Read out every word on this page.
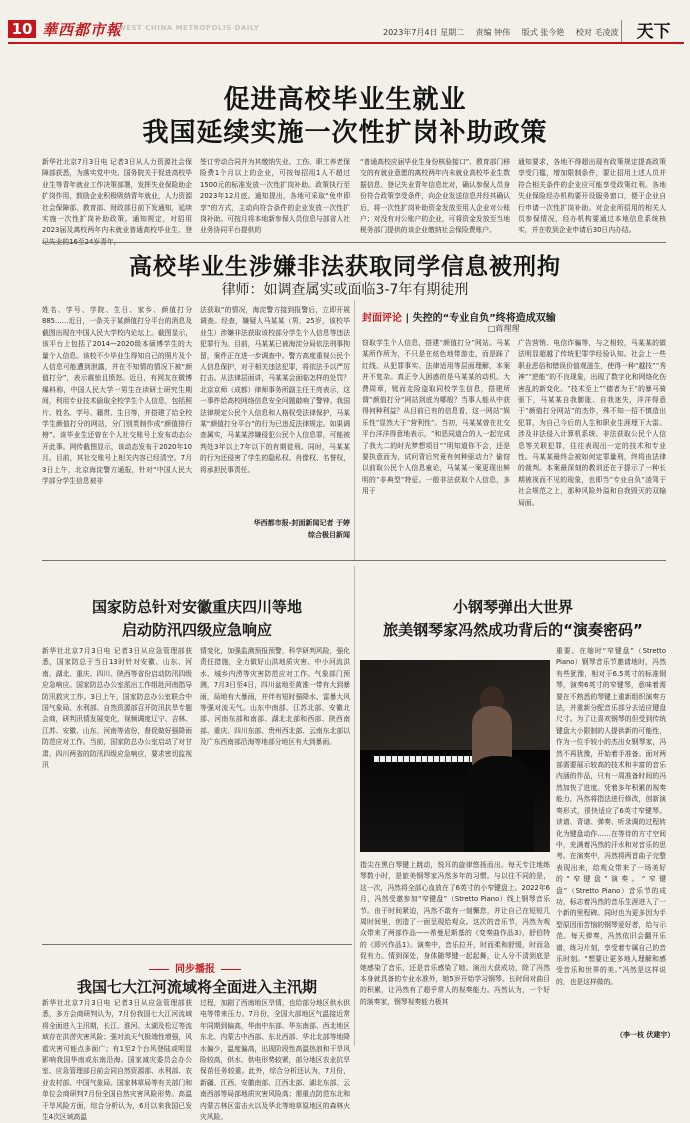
10 華西都市報
WEST CHINA METROPOLIS DAILY	2023年7月4日 星期二 责编 钟伟 版式 张今艳 校对 毛凌波	天下
促进高校毕业生就业
我国延续实施一次性扩岗补助政策
新华社北京7月3日电 记者3日从人力资源社会保障部获悉，为落实党中央、国务院关于促进高校毕业生等青年就业工作决策部署，发挥失业保险助企扩岗作用，鼓励企业积极吸纳青年就业，人力资源社会保障部、教育部、财政部日前下发通知，延续实施一次性扩岗补助政策。通知规定，对招用2023届及离校两年内未就业普通高校毕业生、登
签订劳动合同并为其缴纳失业、工伤、职工养老保险费1个月以上的企业，可按每招用1人不超过1500元的标准发放一次性扩岗补助。政策执行至2023年12月底。通知提出，各地可采取“免申即享”的方式，主动向符合条件的企业发放一次性扩岗补助。可按月将本地新参保人员信息与部省人社业务协同平台提供的
“普通高校应届毕业生身份核验接口”、教育部门移交的有就业意愿的离校两年内未就业高校毕业生数据信息、登记失业青年信息比对，确认参保人员身份符合政策享受条件，向企业发送信息并经其确认后，将一次性扩岗补助资金发放至用人企业对公账户；对没有对公账户的企业，可将资金发放至当地税务部门提供的该企业缴纳社会保险费账户。
通知要求，各地不得超出现有政策规定提高政策享受门槛，增加限制条件，要让招用上述人员并符合相关条件的企业应可能享受政策红利。各地失业保险经办机构要开设服务窗口，便于企业自行申请一次性扩岗补助。对企业所招用的相关人员参保情况，经办机构要通过本地信息系统核实，并在收到企业申请后30日内办结。
高校毕业生涉嫌非法获取同学信息被刑拘
律师：如调查属实或面临3-7年有期徒刑
姓名、学号、学院、生日、家乡、颜值打分885……近日，一条关于某颜值打分平台的消息及截图出现在中国人民大学校内论坛上。截图显示，该平台上包括了2014—2020级本硕博学生的大量个人信息。该校不少毕业生得知自己的照片及个人信息可能遭到泄露，并在不知情的情况下被“颜值打分”，表示震惊且愤怒。近日，有网友在微博爆料称，中国人民大学一男生在读研士研究生期间，利用专业技术偷取全校学生个人信息，包括照片、姓名、学号、籍贯、生日等，并搭建了给全校学生颜值打分的网站，分门别类制作成“颜值排行榜”。该毕业生还曾在个人社交账号上发布动态公开此事。网传截图显示，该动态发布于2020年10月。目前，其社交账号上相关内容已经清空。7月3日上午，北京海淀警方通报，针对“中国人民大学部分学生信息被非
法获取”的情况，海淀警方接到报警后，立即开展调查。经查，嫌疑人马某某（男，25岁，该校毕业生）涉嫌非法获取该校部分学生个人信息等违法犯罪行为。目前，马某某已被海淀分局依法刑事拘留，案件正在进一步调查中。警方高度重视公民个人信息保护，对于相关违法犯罪，将依法予以严厉打击。从法律层面讲，马某某会面临怎样的处罚？北京京师（成都）律师事务所副主任王亮表示，这一事件给高校网络信息安全问题敲响了警钟。我国法律规定公民个人信息和人格权受法律保护，马某某“颜值打分平台”的行为已违反法律规定。如果调查属实，马某某涉嫌侵犯公民个人信息罪，可能被判处3年以上7年以下的有期徒刑。同时，马某某的行为还侵害了学生的隐私权、肖像权、名誉权，将承担民事责任。
华西都市报-封面新闻记者 于婷
综合极目新闻
封面评论 | 失控的“专业自负”终将造成双输
□蒋理理
窃取学生个人信息，搭建“颜值打分”网站。马某某所作所为，不只是在炫色地带游走，而是踩了红线。从犯罪事实、法律适用等层面理解，本案并不复杂。真正令人困惑的是马某某的动机。大费周章，铤而走险盗取同校学生信息，搭建所谓“颜值打分”网站到底为哪般？当事人能从中获得何种利益？从目前已有的信息看，这一网站“娱乐性”显然大于“营利性”。当初，马某某曾在社交平台洋洋得意地表示，“和恶同道合的人一起完成了我大二的时光梦想项目”“明知道你不会，还是要执意而为，试问背后究竟有何种驱动力？偷窃以前取公民个人信息童论，马某某一案更现出鲜明的“非典型”特征。一般非法获取个人信息，多用于
广告营销、电信诈骗等，与之相较，马某某的做法明显超越了传统犯罪学经验认知。社会上一些职业恶俗和错误价值观滋生，使得一种“越技”“秀神”“逆能”的不良现象，出现了数字化和网络化伤害乱的新变化。“技术至上”“德者为王”的暴马骑驱下，马某某自我膨胀、自我迷失，洋洋得意于“颜值打分网站”的杰作，殊不知一招不慎造出犯罪，为自己今后的人生和职业生涯埋下大雷。涉及非法侵入计算机系统、非法获取公民个人信息等关联犯罪，往往表现出一定的技术和专业性。马某某最终会被如何定罪量刑，终将由法律的裁判。本案最深刻的教训还在于提示了一种长期被视而不见的现象，也即当“专业自负”凌驾于社会规范之上，那种风险外溢和自我毁灭的双输局面。
国家防总针对安徽重庆四川等地
启动防汛四级应急响应
新华社北京7月3日电 记者3日从应急管理部获悉，国家防总于当日13时针对安徽、山东、河南、湖北、重庆、四川、陕西等省份启动防汛四级应急响应。国家防总办公室派出工作组赴河南指导防汛救灾工作。3日上午，国家防总办公室联合中国气象局、水利部、自然资源部召开防汛抗旱专题会商，研判汛情发展变化，视频调度辽宁、吉林、江苏、安徽、山东、河南等省份，督促做好强降雨防范应对工作。当前，国家防总办公室启动了对甘肃、四川两省的防汛四级应急响应，要求密切监视汛
情变化，加强监测预报预警，科学研判风险，强化责任措施，全力做好山洪地质灾害、中小河流洪水、城乡内涝等灾害防范应对工作。气象部门预测，7月3日至4日，四川盆地至黄淮一带有大到暴雨，局地有大暴雨，并伴有短时强降水、雷暴大风等强对流天气。山东中南部、江苏北部、安徽北部、河南东部和南部、湖北北部和西部、陕西南部、重庆、四川东部、贵州西北部、云南东北部以及广东西南部沿海等地部分地区有大到暴雨。
同步播报
我国七大江河流域将全面进入主汛期
新华社北京7月3日电 记者3日从应急管理部获悉，多方会商研判认为，7月份我国七大江河流域将全面进入主汛期，长江、淮河、太湖及松辽等流域存在洪涝灾害风险；强对流天气极端性增强，风雹灾害可能点多面广；有1至2个台风登陆或明显影响我国华南或东南沿海。国家减灾委员会办公室、应急管理部日前会同自然资源部、水利部、农业农村部、中国气象局、国家林草局等有关部门和单位会商研判7月份全国自然灾害风险形势。高温干旱风险方面，综合分析认为，6月以来我国已发生4次区域高温
过程，加剧了西南地区旱情，也给部分地区供水供电等带来压力。7月份，全国大部地区气温接近常年同期到偏高，华南中东部、华东南部、西北地区东北、内蒙古中西部、东北西部、华北北部等地降水偏少，温度偏高，出现阶段性高温热浪和干旱风险较高，供水、供电形势较紧，部分地区农业抗旱保苗任务较重。此外，综合分析还认为，7月份，新疆、江西、安徽南部、江西北部、湖北东部、云南西部等局部地质灾害风险高；需重点防范东北和内蒙古林区雷击火以及华北等地草原地区的森林火灾风险。
小钢琴弹出大世界
旅美钢琴家冯然成功背后的“演奏密码”
重要。在缩时“窄键盘”（Stretto Piano）钢琴音乐节邀请地时，冯然有些犹豫，相对于6.5英寸的标准钢琴，演奏6英寸的窄键琴，意味着需要在不熟悉的琴键上重新组织演奏方法，并重新分配音乐部分去适应键盘尺寸。为了让喜欢钢琴的但受到传统键盘大小限制的人提供新的可能性，作为一位手较小的杰出女钢琴家，冯然不再犹豫，开始着手准备。面对两部需要展示较高的技术和丰富的音乐内涵的作品，只有一周准备时间的冯然加快了进度。凭着多年积累的视奏能力，冯然将指法进行修改，创新演奏形式，很快适应了6英寸窄键琴。读谱、背谱、弹奏、听录调的过程转化为键盘动作……在等待的方寸空间中，充满着冯然的汗水和对音乐的思考。在演奏中，冯然将两首曲子完整表现出来，给观众带来了一场美好的“窄键盘”演奏。“窄键盘”（Stretto Piano）音乐节的成功，标志着冯然的音乐生涯进入了一个新的里程碑。同时也为更多因为手型原因而苦恼的钢琴爱好者，给与示范。每天弹奏，冯然依旧会翻开乐谱，练习片刻，享受着专属自己的音乐时刻。“想要让更多地人理解和感受音乐和世界的美。”冯然是这样说的，也是这样做的。
指尖在黑白琴键上跳动，悦耳的旋律悠扬而出。每天专注地练琴数小时，是旅美钢琴家冯然多年的习惯。与以往不同的是，这一次，冯然将全部心血放在了6英寸的小窄键盘上。2022年6月，冯然受邀参加“窄键盘”（Stretto Piano）线上钢琴音乐节。由于时间紧迫，冯然不敢有一刻懈怠，并让自己在短短几周时间里，创造了一面呈现给观众。这次的音乐节，冯然为观众带来了两部作品——希曼尼斯基的《变奏曲作品3》，舒伯特的《即兴作品1》。演奏中，音乐拉开，时而柔和舒缓，时而急促有力。情到深处，身体随琴键一起起舞，让人分不清到底是她感染了音乐，还是音乐感染了她。演出大获成功，除了冯然本身就具备的专业水准外，她5岁开始学习钢琴。长时间对曲目的积累，让冯然有了超乎常人的视奏能力。冯然认为，一个好的演奏家，钢琴视奏能力极其
（李一枝 伏建宇）
